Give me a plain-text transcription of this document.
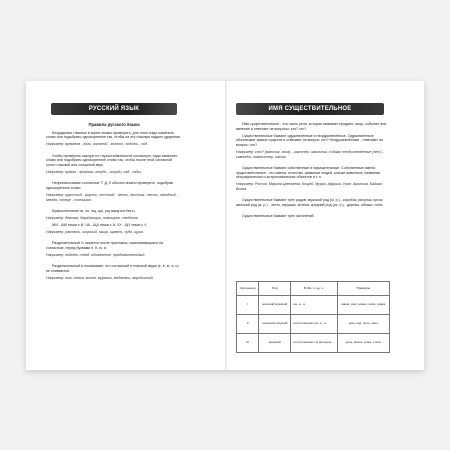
РУССКИЙ ЯЗЫК

Правила русского языка

Безударные гласные в корне можно проверить, для этого надо изменить слово или подобрать однокоренное так, чтобы на эту гласную падало ударение.

Например: вулканов - вóлк, золотой - зóлото, ходить - хóд.

Чтобы проверить парную по глухости/звонкости согласную, надо изменить слово или подобрать однокоренное слово так, чтобы после этой согласной стоял гласный или сонорный звук.

Например: вулкан - вулканы, голубь - голуби, сад - сады.

Непроизносимые согласные Т, Д, Л обычно можно проверить, подобрав однокоренное слово.

Например: грустный - грусть, честный - честь, вестник - весть, звёздный - звезда, солнце - солнышко.

Буквосочетания чк, чн, нщ, щн, рщ пишутся без Ь.

Например: девочка, барабанщик, помощник, сведения.

ЖИ - ШИ пиши с И. ЧА - ЩА пиши с А. ЧУ - ЩУ пиши с У.

Например: ужинать, широкий, чаща, щавель, чудо, щука.

Разделительный Ъ пишется после приставок, оканчивающихся на согласные, перед буквами е, ё, ю, я.

Например: подъём, съезд, объявление, предъявительный.

Разделительный Ь показывает, что согласный и гласный звуки (е, ё, ю, я, и) не сливаются.

Например: лью, семья, вьюга, муравьи, медвежьи, воробьиный.

ИМЯ СУЩЕСТВИТЕЛЬНОЕ

Имя существительное - это часть речи, которая называет предмет, лицо, событие или явление и отвечает на вопросы: кто? что?

Существительные бывают одушевлённые и неодушевлённые. Одушевлённые обозначают живых существ и отвечают на вопрос: кто? Неодушевлённые - отвечают на вопрос: что?

Например: кто? (мальчик, лиса) - шаттер, школьник, собака; неодушевлённые (нед.) - самолёт, компьютер, школа.

Существительные бывают собственные и нарицательные. Собственные имена существительные - это имена, отчества, фамилии людей, клички животных, названия географических и астрономических объектов и т. п.

Например: Россия, Марина Цветаева, Кощей, Мурка, Африка, Урал, Арктика, Байкал, Волга.

Существительные бывают трёх родов: мужской род (м. р.) - коробок, рисунок, кусок; женский род (ж. р.) - честь, игрушка, аптека; средний род (ср. р.) - дерево, облако, поле.

Существительные бывают трёх склонений:

Склонение	Род	В Им. п. ед. ч.	Примеры
I	женский мужской	на -а, -я	мама, Аня, семья, папа, гараж
II	мужской средний	на согласный; на -о, -е	дом, сад, поле, окно
III	женский	на согласный с Ь на конце	дочь, мышь, рожь, степь
